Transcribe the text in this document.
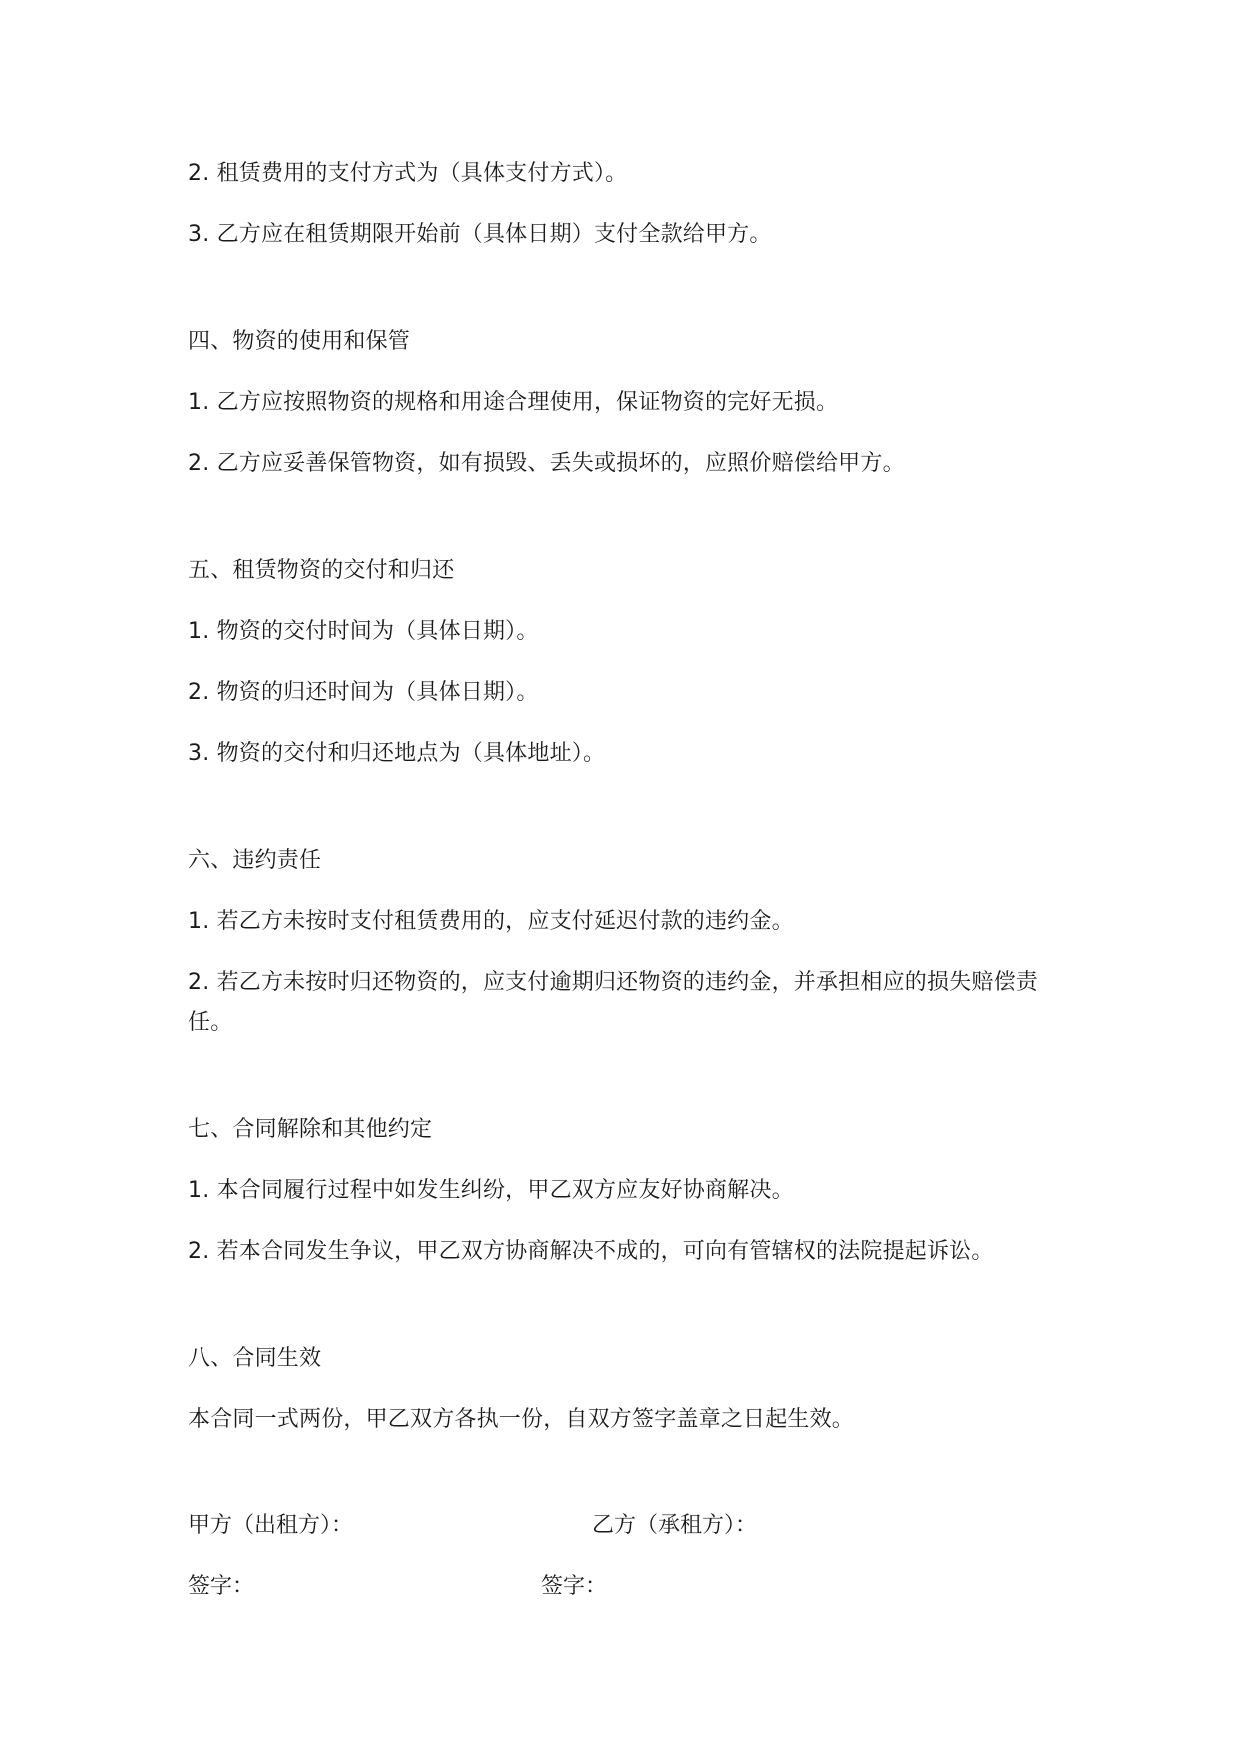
2. 租赁费用的支付方式为（具体支付方式）。
3. 乙方应在租赁期限开始前（具体日期）支付全款给甲方。
四、物资的使用和保管
1. 乙方应按照物资的规格和用途合理使用，保证物资的完好无损。
2. 乙方应妥善保管物资，如有损毁、丢失或损坏的，应照价赔偿给甲方。
五、租赁物资的交付和归还
1. 物资的交付时间为（具体日期）。
2. 物资的归还时间为（具体日期）。
3. 物资的交付和归还地点为（具体地址）。
六、违约责任
1. 若乙方未按时支付租赁费用的，应支付延迟付款的违约金。
2. 若乙方未按时归还物资的，应支付逾期归还物资的违约金，并承担相应的损失赔偿责任。
七、合同解除和其他约定
1. 本合同履行过程中如发生纠纷，甲乙双方应友好协商解决。
2. 若本合同发生争议，甲乙双方协商解决不成的，可向有管辖权的法院提起诉讼。
八、合同生效
本合同一式两份，甲乙双方各执一份，自双方签字盖章之日起生效。
甲方（出租方）：	乙方（承租方）：
签字：	签字：
